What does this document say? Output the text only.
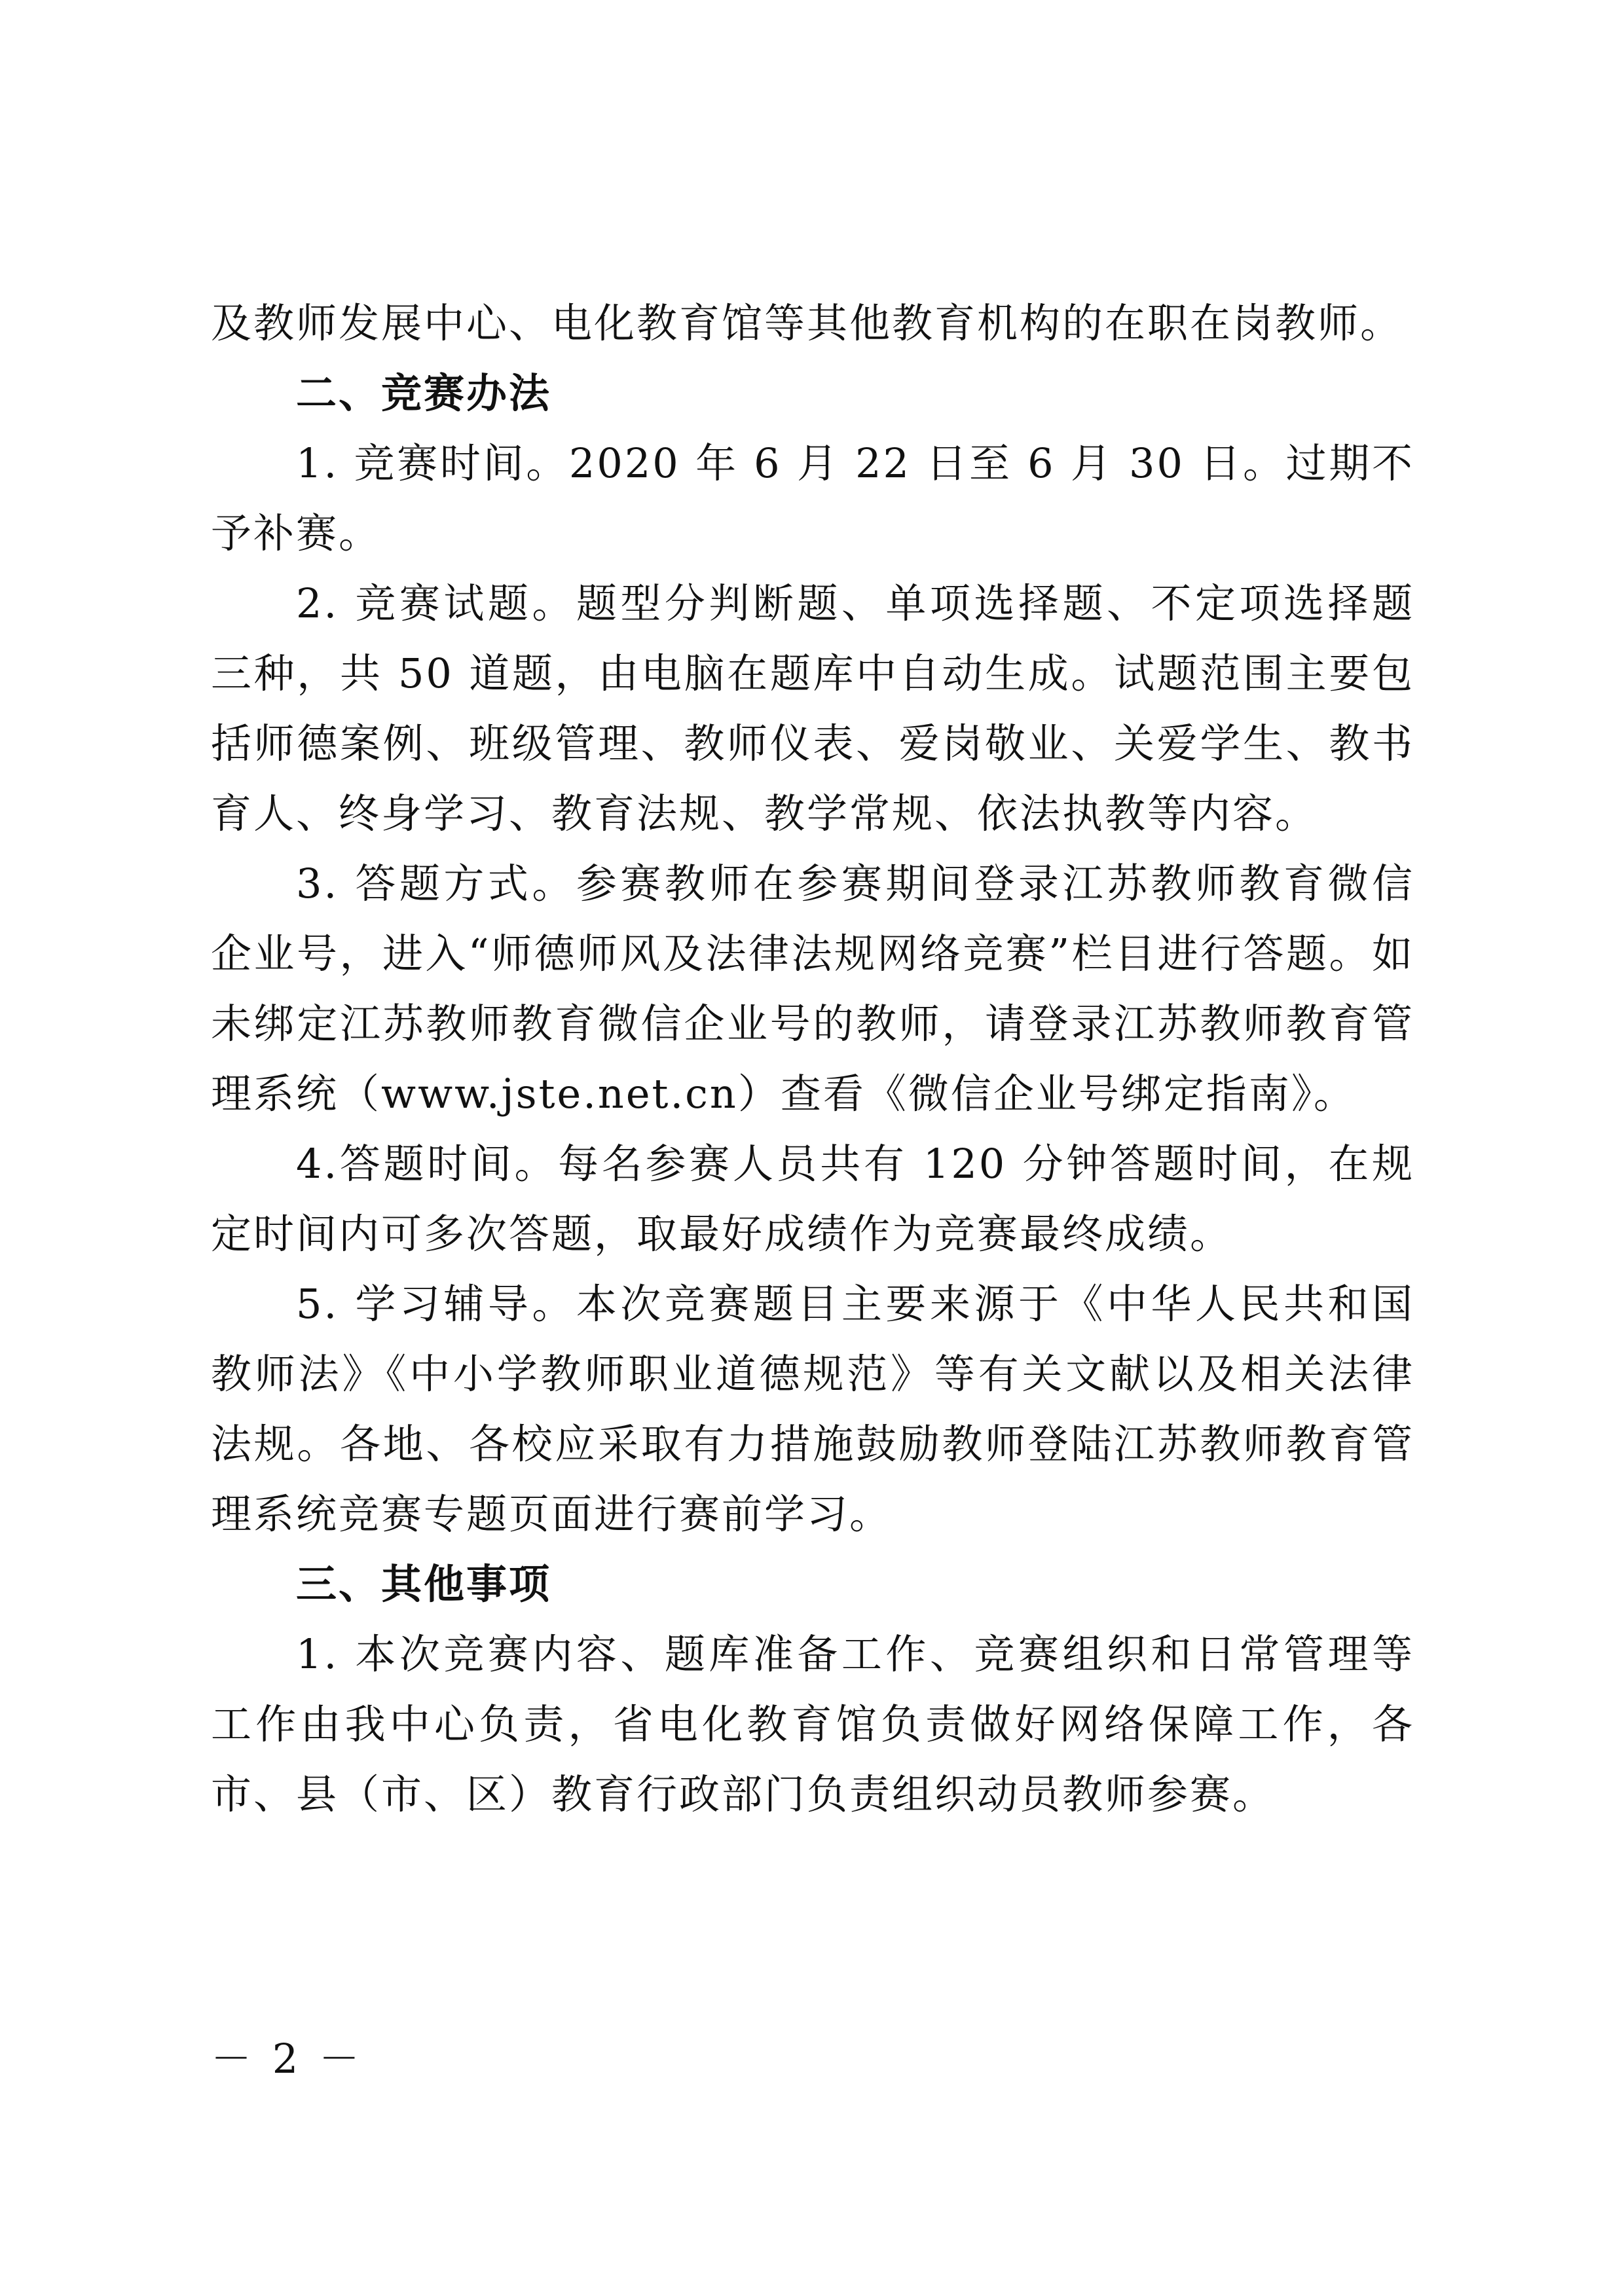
及教师发展中心、电化教育馆等其他教育机构的在职在岗教师。

二、竞赛办法

1. 竞赛时间。2020 年 6 月 22 日至 6 月 30 日。过期不予补赛。

2. 竞赛试题。题型分判断题、单项选择题、不定项选择题三种，共 50 道题，由电脑在题库中自动生成。试题范围主要包括师德案例、班级管理、教师仪表、爱岗敬业、关爱学生、教书育人、终身学习、教育法规、教学常规、依法执教等内容。

3. 答题方式。参赛教师在参赛期间登录江苏教师教育微信企业号，进入“师德师风及法律法规网络竞赛”栏目进行答题。如未绑定江苏教师教育微信企业号的教师，请登录江苏教师教育管理系统（www.jste.net.cn）查看《微信企业号绑定指南》。

4.答题时间。每名参赛人员共有 120 分钟答题时间，在规定时间内可多次答题，取最好成绩作为竞赛最终成绩。

5. 学习辅导。本次竞赛题目主要来源于《中华人民共和国教师法》《中小学教师职业道德规范》等有关文献以及相关法律法规。各地、各校应采取有力措施鼓励教师登陆江苏教师教育管理系统竞赛专题页面进行赛前学习。

三、其他事项

1. 本次竞赛内容、题库准备工作、竞赛组织和日常管理等工作由我中心负责，省电化教育馆负责做好网络保障工作，各市、县（市、区）教育行政部门负责组织动员教师参赛。

－ 2 －
